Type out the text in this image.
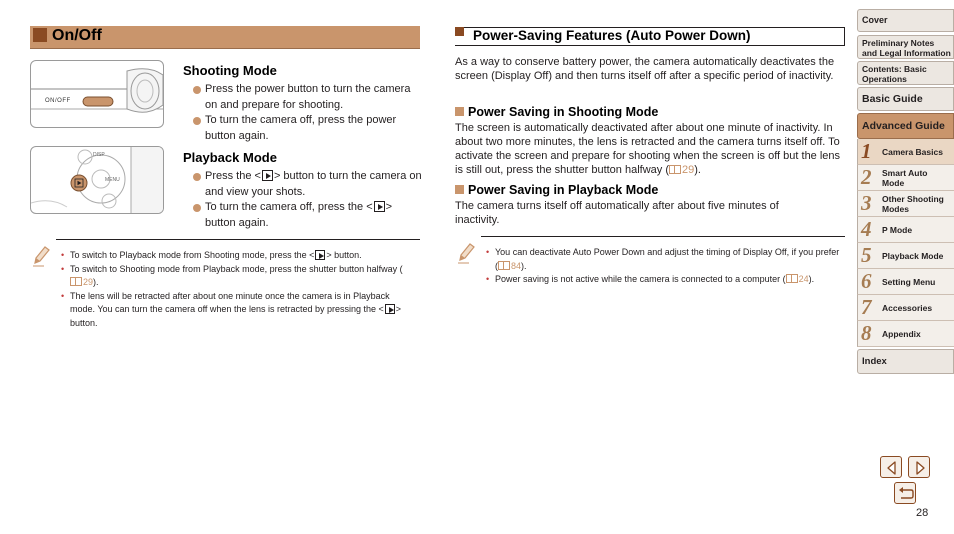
On/Off
ON/OFF
DISP
MENU
Shooting Mode
Press the power button to turn the camera on and prepare for shooting.
To turn the camera off, press the power button again.
Playback Mode
Press the < > button to turn the camera on and view your shots.
To turn the camera off, press the < > button again.
• To switch to Playback mode from Shooting mode, press the < > button.
• To switch to Shooting mode from Playback mode, press the shutter button halfway (29).
• The lens will be retracted after about one minute once the camera is in Playback mode. You can turn the camera off when the lens is retracted by pressing the < > button.
Power-Saving Features (Auto Power Down)
As a way to conserve battery power, the camera automatically deactivates the screen (Display Off) and then turns itself off after a specific period of inactivity.
Power Saving in Shooting Mode
The screen is automatically deactivated after about one minute of inactivity. In about two more minutes, the lens is retracted and the camera turns itself off. To activate the screen and prepare for shooting when the screen is off but the lens is still out, press the shutter button halfway ( 29).
Power Saving in Playback Mode
The camera turns itself off automatically after about five minutes of inactivity.
• You can deactivate Auto Power Down and adjust the timing of Display Off, if you prefer ( 84).
• Power saving is not active while the camera is connected to a computer ( 24).
Cover
Preliminary Notes
and Legal Information
Contents: Basic
Operations
Basic Guide
Advanced Guide
1	Camera Basics
2	Smart Auto
Mode
3	Other Shooting
Modes
4	P Mode
5	Playback Mode
6	Setting Menu
7	Accessories
8	Appendix
Index
28
